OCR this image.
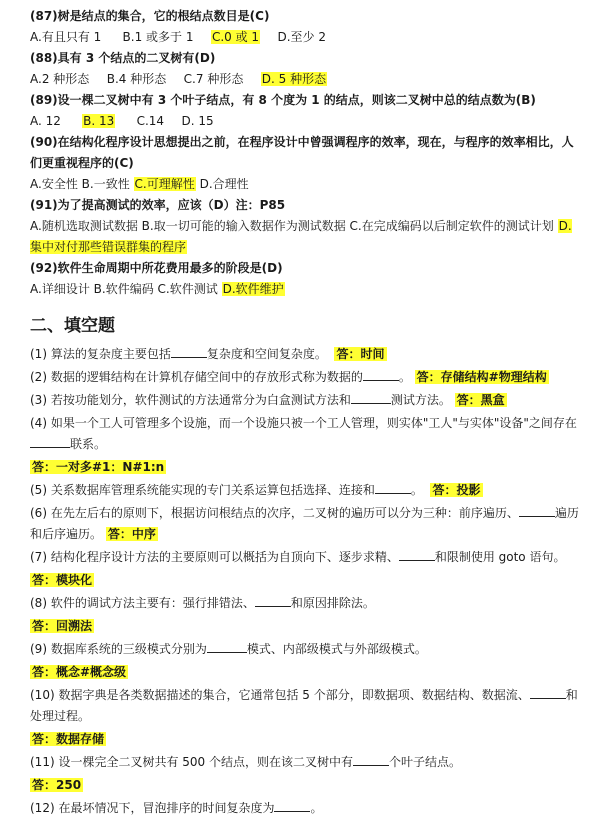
(87)树是结点的集合，它的根结点数目是(C)
A.有且只有 1 B.1 或多于 1 C.0 或 1 D.至少 2
(88)具有 3 个结点的二叉树有(D)
A.2 种形态 B.4 种形态 C.7 种形态 D. 5 种形态
(89)设一棵二叉树中有 3 个叶子结点，有 8 个度为 1 的结点，则该二叉树中总的结点数为(B)
A. 12 B. 13 C.14 D. 15
(90)在结构化程序设计思想提出之前，在程序设计中曾强调程序的效率，现在，与程序的效率相比，人们更重视程序的(C)
A.安全性 B.一致性 C.可理解性 D.合理性
(91)为了提高测试的效率，应该（D）注：P85
A.随机选取测试数据 B.取一切可能的输入数据作为测试数据 C.在完成编码以后制定软件的测试计划 D.集中对付那些错误群集的程序
(92)软件生命周期中所花费用最多的阶段是(D)
A.详细设计 B.软件编码 C.软件测试 D.软件维护
二、填空题
(1) 算法的复杂度主要包括	复杂度和空间复杂度。 答：时间
(2) 数据的逻辑结构在计算机存储空间中的存放形式称为数据的	。 答：存储结构#物理结构
(3) 若按功能划分，软件测试的方法通常分为白盒测试方法和	测试方法。 答：黑盒
(4) 如果一个工人可管理多个设施，而一个设施只被一个工人管理，则实体"工人"与实体"设备"之间存在
联系。
答：一对多#1：N#1:n
(5) 关系数据库管理系统能实现的专门关系运算包括选择、连接和	。 答：投影
(6) 在先左后右的原则下，根据访问根结点的次序，二叉树的遍历可以分为三种：前序遍历、	遍历和后序遍历。 答：中序
(7) 结构化程序设计方法的主要原则可以概括为自顶向下、逐步求精、	和限制使用 goto 语句。
答：模块化
(8) 软件的调试方法主要有：强行排错法、	和原因排除法。
答：回溯法
(9) 数据库系统的三级模式分别为	模式、内部级模式与外部级模式。
答：概念#概念级
(10) 数据字典是各类数据描述的集合，它通常包括 5 个部分，即数据项、数据结构、数据流、	和处理过程。
答：数据存储
(11) 设一棵完全二叉树共有 500 个结点，则在该二叉树中有	个叶子结点。
答：250
(12) 在最坏情况下，冒泡排序的时间复杂度为	。
